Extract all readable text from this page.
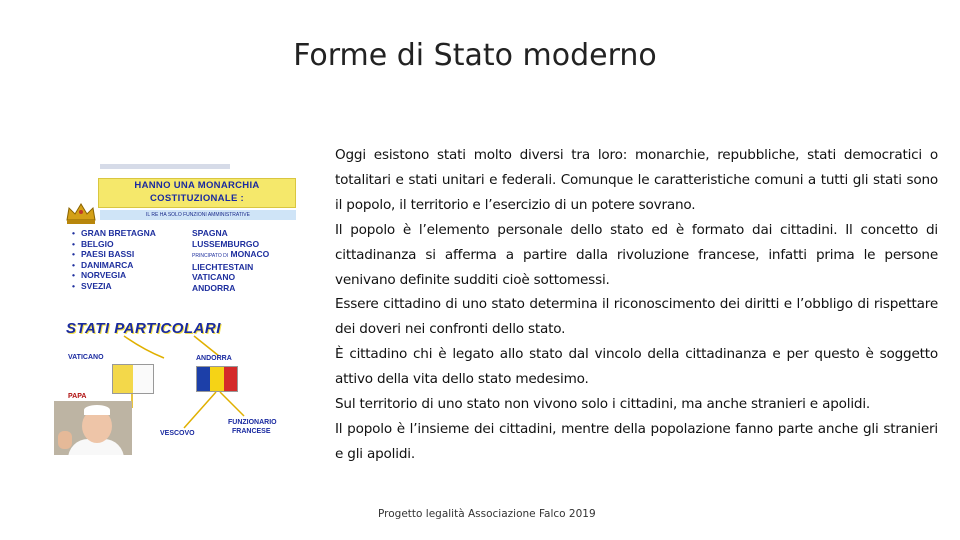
Forme di Stato moderno
HANNO UNA MONARCHIA
COSTITUZIONALE :
IL RE HA SOLO FUNZIONI AMMINISTRATIVE
• GRAN BRETAGNA
• BELGIO
• PAESI BASSI
• DANIMARCA
• NORVEGIA
• SVEZIA
SPAGNA
LUSSEMBURGO
PRINCIPATO DI MONACO
LIECHTESTAIN
VATICANO
ANDORRA
STATI PARTICOLARI
VATICANO	ANDORRA
PAPA
VESCOVO
FUNZIONARIO
FRANCESE

Oggi esistono stati molto diversi tra loro: monarchie, repubbliche, stati democratici o totalitari e stati unitari e federali. Comunque le caratteristiche comuni a tutti gli stati sono il popolo, il territorio e l’esercizio di un potere sovrano.

Il popolo è l’elemento personale dello stato ed è formato dai cittadini. Il concetto di cittadinanza si afferma a partire dalla rivoluzione francese, infatti prima le persone venivano definite sudditi cioè sottomessi.

Essere cittadino di uno stato determina il riconoscimento dei diritti e l’obbligo di rispettare dei doveri nei confronti dello stato.

È cittadino chi è legato allo stato dal vincolo della cittadinanza e per questo è soggetto attivo della vita dello stato medesimo.

Sul territorio di uno stato non vivono solo i cittadini, ma anche stranieri e apolidi.

Il popolo è l’insieme dei cittadini, mentre della popolazione fanno parte anche gli stranieri e gli apolidi.

Progetto legalità Associazione Falco 2019
